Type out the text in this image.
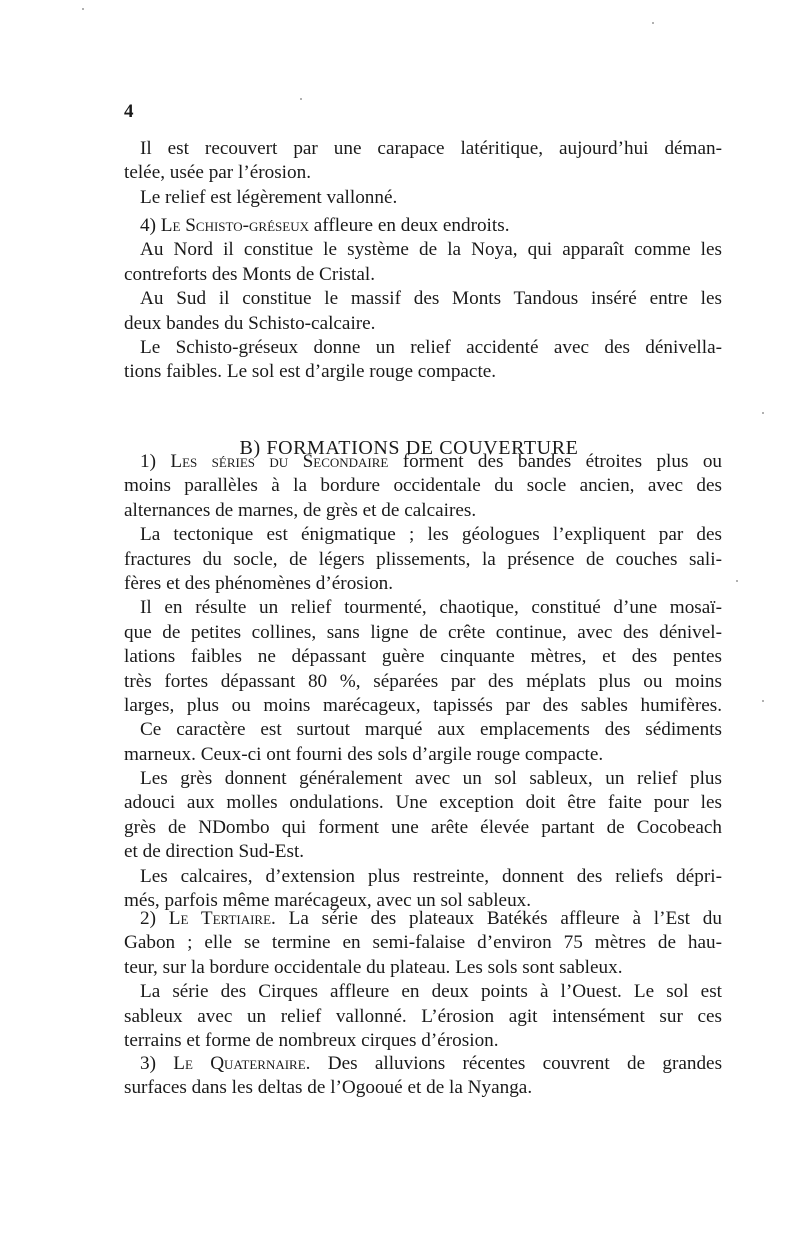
4
Il est recouvert par une carapace latéritique, aujourd’hui déman-
telée, usée par l’érosion.
Le relief est légèrement vallonné.
4) Le Schisto-gréseux affleure en deux endroits.
Au Nord il constitue le système de la Noya, qui apparaît comme les
contreforts des Monts de Cristal.
Au Sud il constitue le massif des Monts Tandous inséré entre les
deux bandes du Schisto-calcaire.
Le Schisto-gréseux donne un relief accidenté avec des dénivella-
tions faibles. Le sol est d’argile rouge compacte.
B) FORMATIONS DE COUVERTURE
1) Les séries du Secondaire forment des bandes étroites plus ou
moins parallèles à la bordure occidentale du socle ancien, avec des
alternances de marnes, de grès et de calcaires.
La tectonique est énigmatique ; les géologues l’expliquent par des
fractures du socle, de légers plissements, la présence de couches sali-
fères et des phénomènes d’érosion.
Il en résulte un relief tourmenté, chaotique, constitué d’une mosaï-
que de petites collines, sans ligne de crête continue, avec des dénivel-
lations faibles ne dépassant guère cinquante mètres, et des pentes
très fortes dépassant 80 %, séparées par des méplats plus ou moins
larges, plus ou moins marécageux, tapissés par des sables humifères.
Ce caractère est surtout marqué aux emplacements des sédiments
marneux. Ceux-ci ont fourni des sols d’argile rouge compacte.
Les grès donnent généralement avec un sol sableux, un relief plus
adouci aux molles ondulations. Une exception doit être faite pour les
grès de NDombo qui forment une arête élevée partant de Cocobeach
et de direction Sud-Est.
Les calcaires, d’extension plus restreinte, donnent des reliefs dépri-
més, parfois même marécageux, avec un sol sableux.
2) Le Tertiaire. La série des plateaux Batékés affleure à l’Est du
Gabon ; elle se termine en semi-falaise d’environ 75 mètres de hau-
teur, sur la bordure occidentale du plateau. Les sols sont sableux.
La série des Cirques affleure en deux points à l’Ouest. Le sol est
sableux avec un relief vallonné. L’érosion agit intensément sur ces
terrains et forme de nombreux cirques d’érosion.
3) Le Quaternaire. Des alluvions récentes couvrent de grandes
surfaces dans les deltas de l’Ogooué et de la Nyanga.
